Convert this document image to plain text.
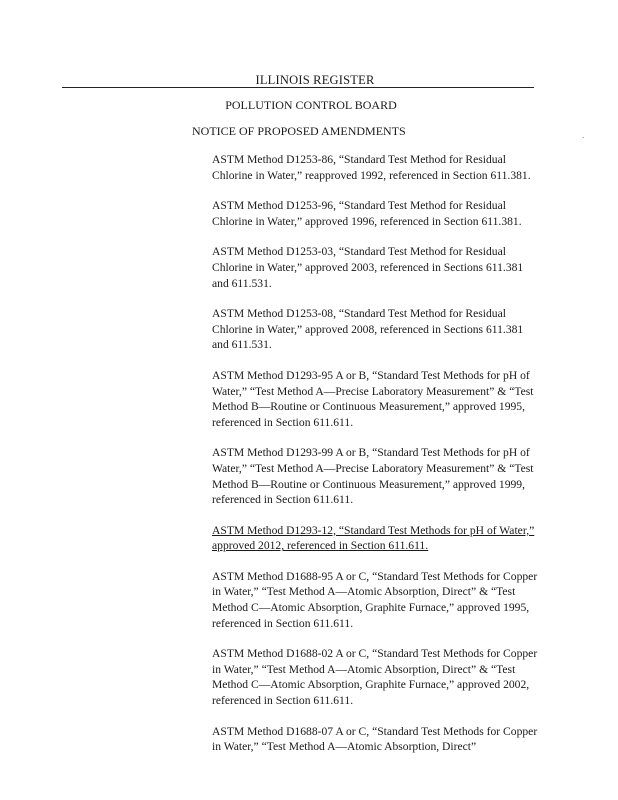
ILLINOIS REGISTER
POLLUTION CONTROL BOARD
NOTICE OF PROPOSED AMENDMENTS	.

ASTM Method D1253-86, “Standard Test Method for Residual Chlorine in Water,” reapproved 1992, referenced in Section 611.381.

ASTM Method D1253-96, “Standard Test Method for Residual Chlorine in Water,” approved 1996, referenced in Section 611.381.

ASTM Method D1253-03, “Standard Test Method for Residual Chlorine in Water,” approved 2003, referenced in Sections 611.381 and 611.531.

ASTM Method D1253-08, “Standard Test Method for Residual Chlorine in Water,” approved 2008, referenced in Sections 611.381 and 611.531.

ASTM Method D1293-95 A or B, “Standard Test Methods for pH of Water,” “Test Method A—Precise Laboratory Measurement” & “Test Method B—Routine or Continuous Measurement,” approved 1995, referenced in Section 611.611.

ASTM Method D1293-99 A or B, “Standard Test Methods for pH of Water,” “Test Method A—Precise Laboratory Measurement” & “Test Method B—Routine or Continuous Measurement,” approved 1999, referenced in Section 611.611.

ASTM Method D1293-12, “Standard Test Methods for pH of Water,” approved 2012, referenced in Section 611.611.

ASTM Method D1688-95 A or C, “Standard Test Methods for Copper in Water,” “Test Method A—Atomic Absorption, Direct” & “Test Method C—Atomic Absorption, Graphite Furnace,” approved 1995, referenced in Section 611.611.

ASTM Method D1688-02 A or C, “Standard Test Methods for Copper in Water,” “Test Method A—Atomic Absorption, Direct” & “Test Method C—Atomic Absorption, Graphite Furnace,” approved 2002, referenced in Section 611.611.

ASTM Method D1688-07 A or C, “Standard Test Methods for Copper in Water,” “Test Method A—Atomic Absorption, Direct”
